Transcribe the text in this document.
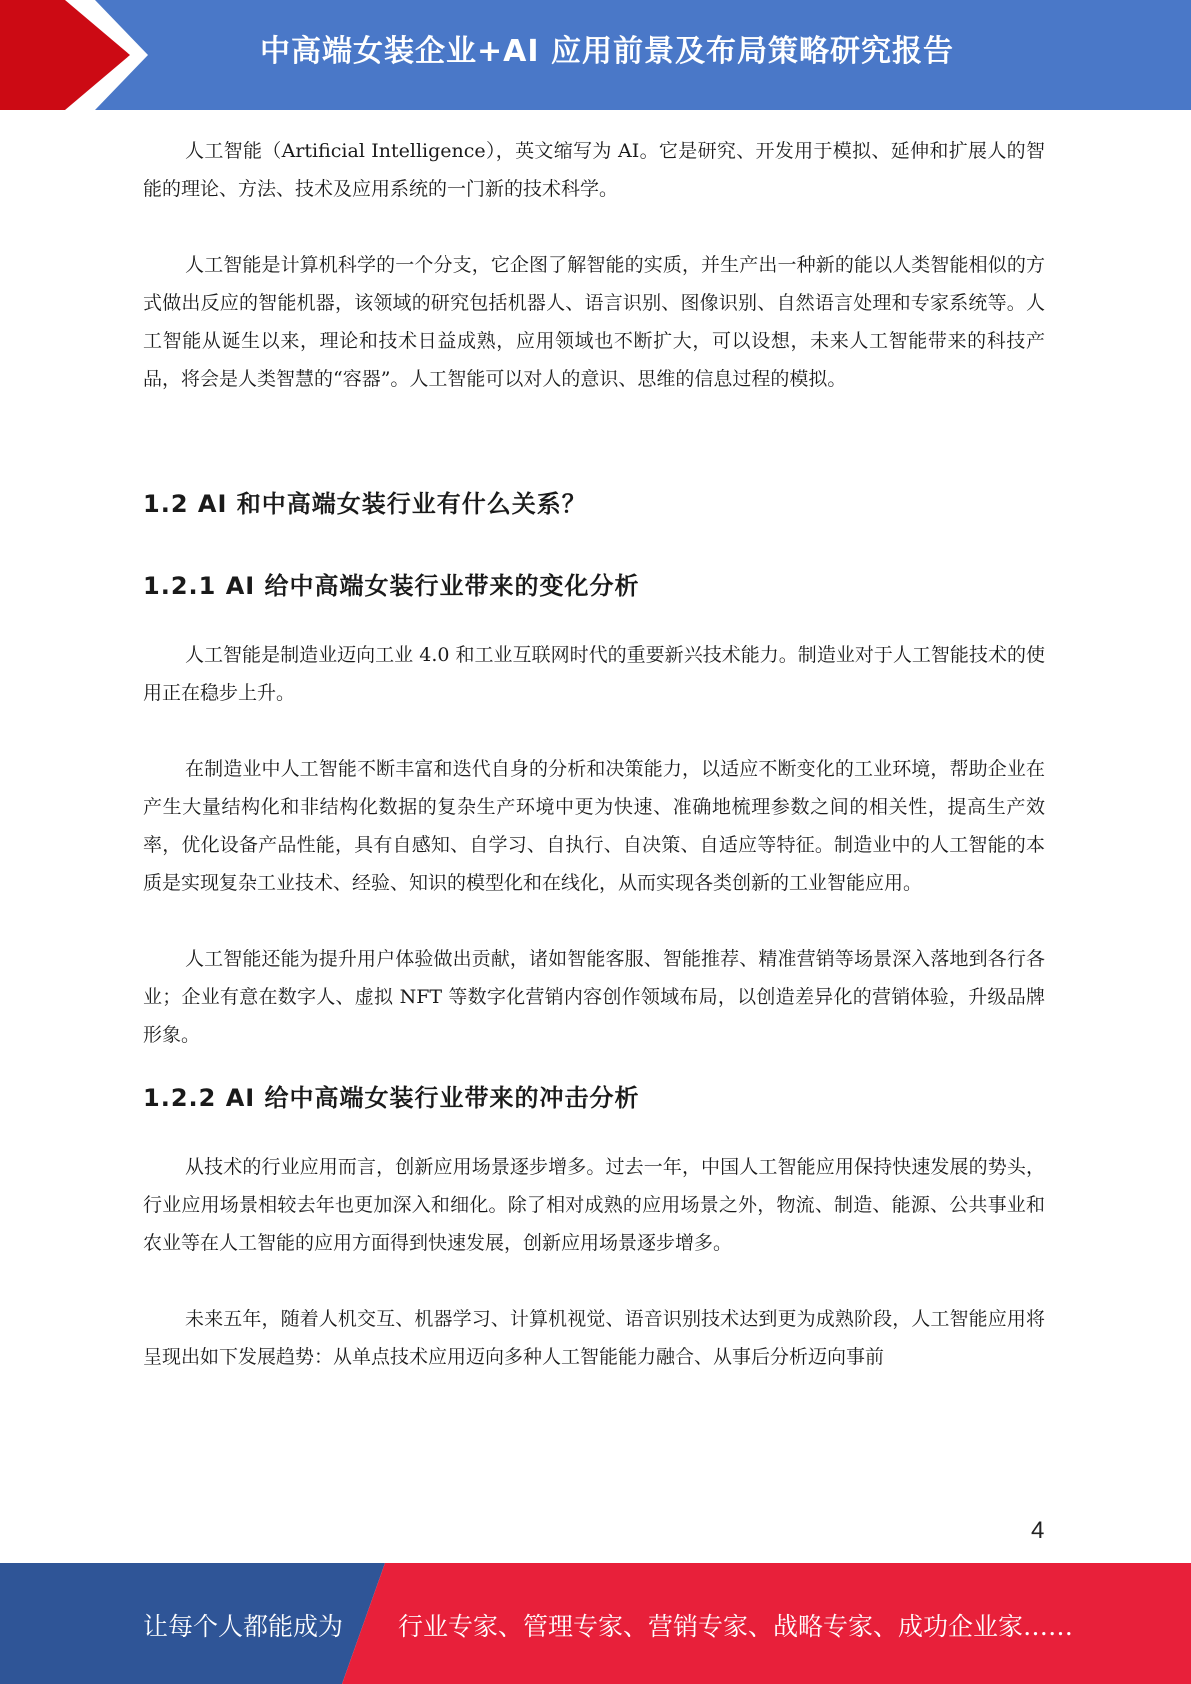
中高端女装企业+AI 应用前景及布局策略研究报告

人工智能（Artificial Intelligence），英文缩写为 AI。它是研究、开发用于模拟、延伸和扩展人的智能的理论、方法、技术及应用系统的一门新的技术科学。

人工智能是计算机科学的一个分支，它企图了解智能的实质，并生产出一种新的能以人类智能相似的方式做出反应的智能机器，该领域的研究包括机器人、语言识别、图像识别、自然语言处理和专家系统等。人工智能从诞生以来，理论和技术日益成熟，应用领域也不断扩大，可以设想，未来人工智能带来的科技产品，将会是人类智慧的“容器”。人工智能可以对人的意识、思维的信息过程的模拟。

1.2 AI 和中高端女装行业有什么关系？
1.2.1 AI 给中高端女装行业带来的变化分析

人工智能是制造业迈向工业 4.0 和工业互联网时代的重要新兴技术能力。制造业对于人工智能技术的使用正在稳步上升。

在制造业中人工智能不断丰富和迭代自身的分析和决策能力，以适应不断变化的工业环境，帮助企业在产生大量结构化和非结构化数据的复杂生产环境中更为快速、准确地梳理参数之间的相关性，提高生产效率，优化设备产品性能，具有自感知、自学习、自执行、自决策、自适应等特征。制造业中的人工智能的本质是实现复杂工业技术、经验、知识的模型化和在线化，从而实现各类创新的工业智能应用。

人工智能还能为提升用户体验做出贡献，诸如智能客服、智能推荐、精准营销等场景深入落地到各行各业；企业有意在数字人、虚拟 NFT 等数字化营销内容创作领域布局，以创造差异化的营销体验，升级品牌形象。

1.2.2 AI 给中高端女装行业带来的冲击分析

从技术的行业应用而言，创新应用场景逐步增多。过去一年，中国人工智能应用保持快速发展的势头，行业应用场景相较去年也更加深入和细化。除了相对成熟的应用场景之外，物流、制造、能源、公共事业和农业等在人工智能的应用方面得到快速发展，创新应用场景逐步增多。

未来五年，随着人机交互、机器学习、计算机视觉、语音识别技术达到更为成熟阶段，人工智能应用将呈现出如下发展趋势：从单点技术应用迈向多种人工智能能力融合、从事后分析迈向事前

4
让每个人都能成为 行业专家、管理专家、营销专家、战略专家、成功企业家……
